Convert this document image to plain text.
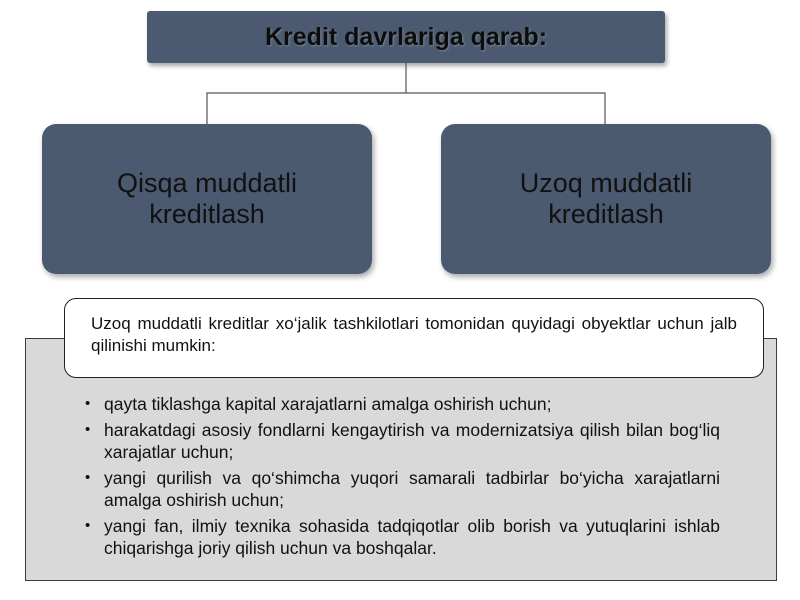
Kredit davrlariga qarab:
Qisqa muddatli kreditlash
Uzoq muddatli kreditlash
Uzoq muddatli kreditlar xo‘jalik tashkilotlari tomonidan quyidagi obyektlar uchun jalb qilinishi mumkin:
• qayta tiklashga kapital xarajatlarni amalga oshirish uchun;
• harakatdagi asosiy fondlarni kengaytirish va modernizatsiya qilish bilan bog‘liq xarajatlar uchun;
• yangi qurilish va qo‘shimcha yuqori samarali tadbirlar bo‘yicha xarajatlarni amalga oshirish uchun;
• yangi fan, ilmiy texnika sohasida tadqiqotlar olib borish va yutuqlarini ishlab chiqarishga joriy qilish uchun va boshqalar.
